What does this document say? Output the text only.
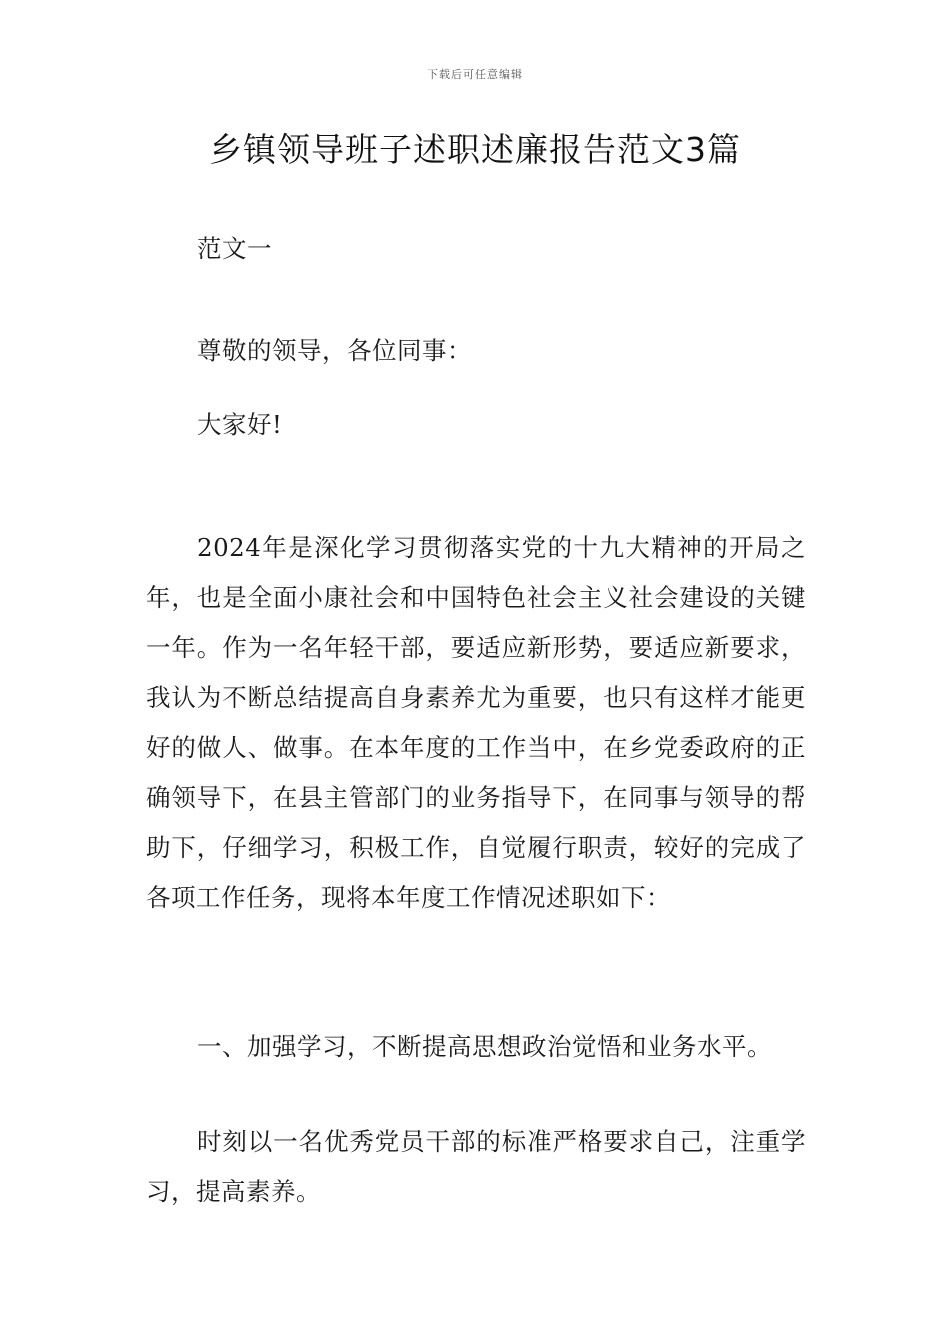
下载后可任意编辑
乡镇领导班子述职述廉报告范文3篇

范文一

尊敬的领导，各位同事：

大家好!

2024年是深化学习贯彻落实党的十九大精神的开局之年，也是全面小康社会和中国特色社会主义社会建设的关键一年。作为一名年轻干部，要适应新形势，要适应新要求，我认为不断总结提高自身素养尤为重要，也只有这样才能更好的做人、做事。在本年度的工作当中，在乡党委政府的正确领导下，在县主管部门的业务指导下，在同事与领导的帮助下，仔细学习，积极工作，自觉履行职责，较好的完成了各项工作任务，现将本年度工作情况述职如下：

一、加强学习，不断提高思想政治觉悟和业务水平。

时刻以一名优秀党员干部的标准严格要求自己，注重学习，提高素养。
